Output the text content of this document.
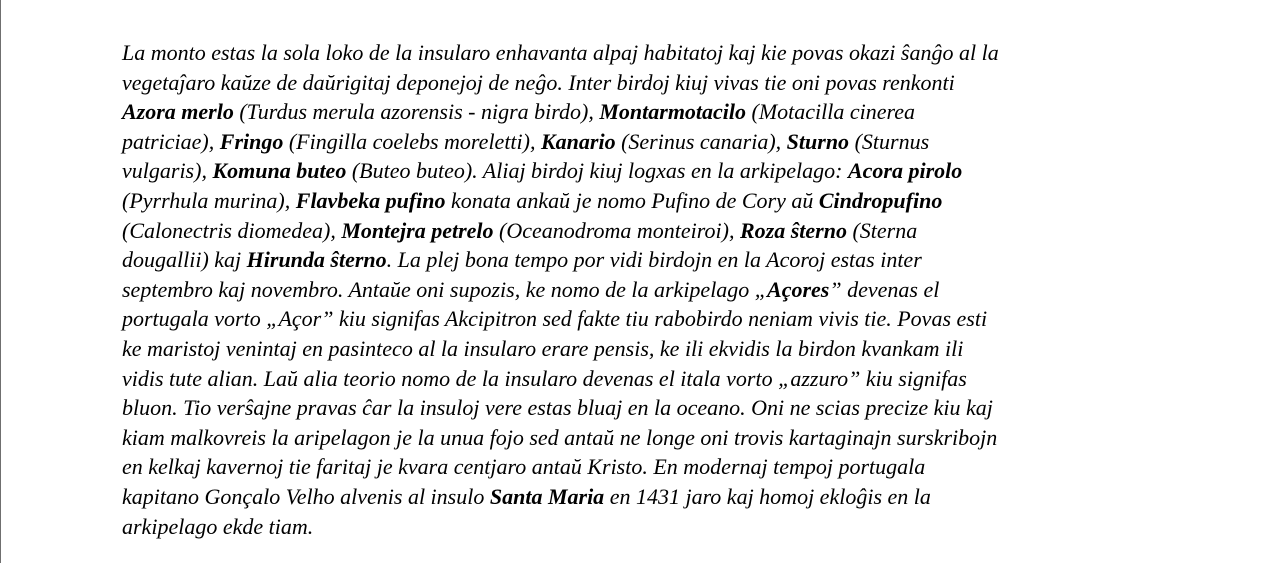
La monto estas la sola loko de la insularo enhavanta alpaj habitatoj kaj kie povas okazi ŝanĝo al la
vegetaĵaro kaŭze de daŭrigitaj deponejoj de neĝo. Inter birdoj kiuj vivas tie oni povas renkonti
Azora merlo (Turdus merula azorensis - nigra birdo), Montarmotacilo (Motacilla cinerea
patriciae), Fringo (Fingilla coelebs moreletti), Kanario (Serinus canaria), Sturno (Sturnus
vulgaris), Komuna buteo (Buteo buteo). Aliaj birdoj kiuj logxas en la arkipelago: Acora pirolo
(Pyrrhula murina), Flavbeka pufino konata ankaŭ je nomo Pufino de Cory aŭ Cindropufino
(Calonectris diomedea), Montejra petrelo (Oceanodroma monteiroi), Roza ŝterno (Sterna
dougallii) kaj Hirunda ŝterno. La plej bona tempo por vidi birdojn en la Acoroj estas inter
septembro kaj novembro. Antaŭe oni supozis, ke nomo de la arkipelago „Açores” devenas el
portugala vorto „Açor” kiu signifas Akcipitron sed fakte tiu rabobirdo neniam vivis tie. Povas esti
ke maristoj venintaj en pasinteco al la insularo erare pensis, ke ili ekvidis la birdon kvankam ili
vidis tute alian. Laŭ alia teorio nomo de la insularo devenas el itala vorto „azzuro” kiu signifas
bluon. Tio verŝajne pravas ĉar la insuloj vere estas bluaj en la oceano. Oni ne scias precize kiu kaj
kiam malkovreis la aripelagon je la unua fojo sed antaŭ ne longe oni trovis kartaginajn surskribojn
en kelkaj kavernoj tie faritaj je kvara centjaro antaŭ Kristo. En modernaj tempoj portugala
kapitano Gonçalo Velho alvenis al insulo Santa Maria en 1431 jaro kaj homoj ekloĝis en la
arkipelago ekde tiam.
